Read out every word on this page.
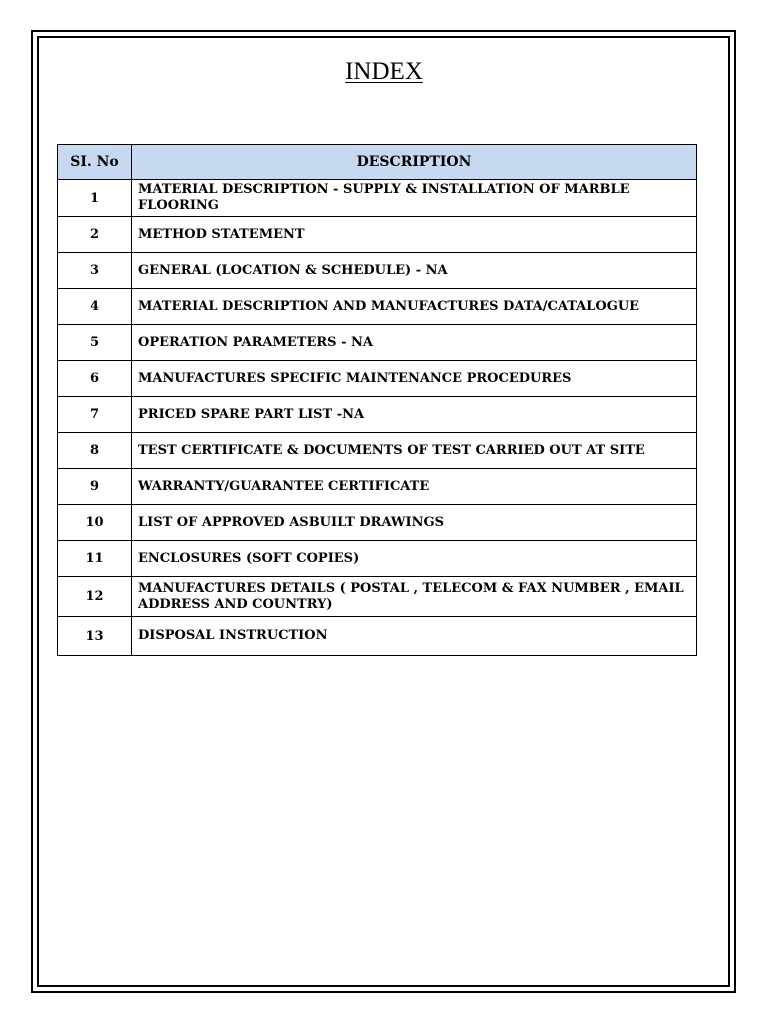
INDEX
SI. No	DESCRIPTION
1	MATERIAL DESCRIPTION - SUPPLY & INSTALLATION OF MARBLE FLOORING
2	METHOD STATEMENT
3	GENERAL (LOCATION & SCHEDULE) - NA
4	MATERIAL DESCRIPTION AND MANUFACTURES DATA/CATALOGUE
5	OPERATION PARAMETERS - NA
6	MANUFACTURES SPECIFIC MAINTENANCE PROCEDURES
7	PRICED SPARE PART LIST -NA
8	TEST CERTIFICATE & DOCUMENTS OF TEST CARRIED OUT AT SITE
9	WARRANTY/GUARANTEE CERTIFICATE
10	LIST OF APPROVED ASBUILT DRAWINGS
11	ENCLOSURES (SOFT COPIES)
12	MANUFACTURES DETAILS ( POSTAL , TELECOM & FAX NUMBER , EMAIL ADDRESS AND COUNTRY)
13	DISPOSAL INSTRUCTION
